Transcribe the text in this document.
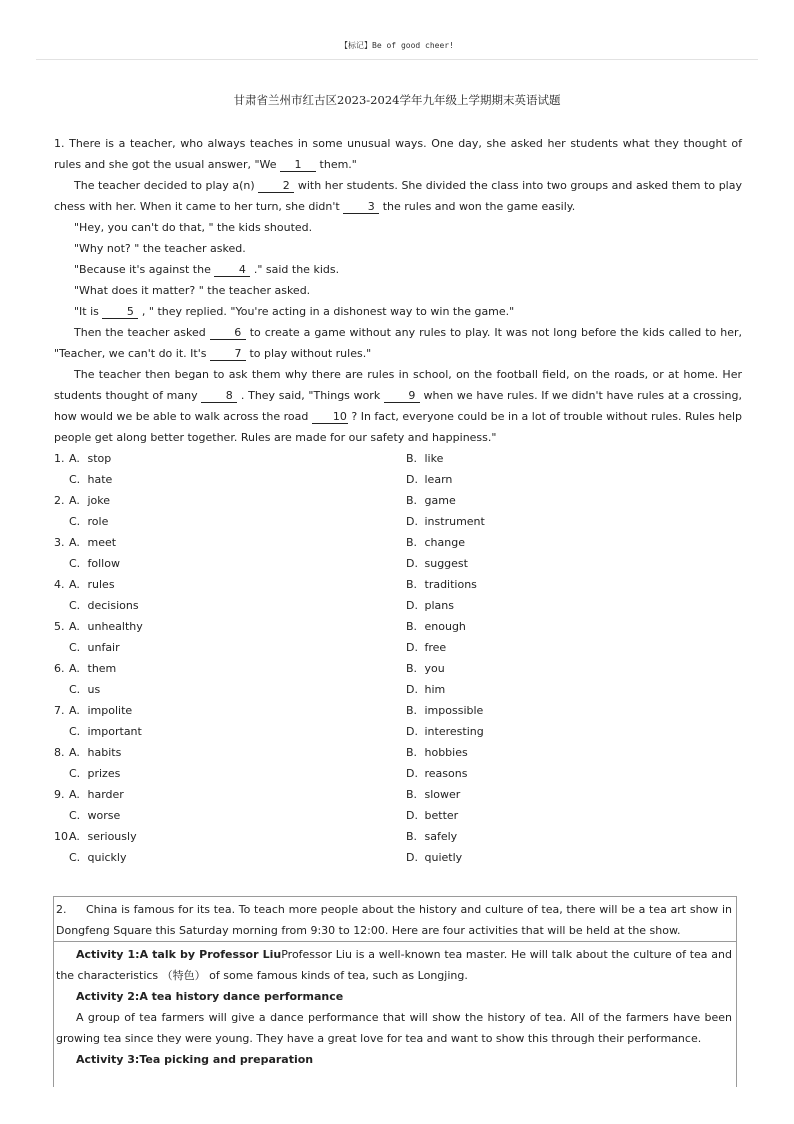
【标记】Be of good cheer!
甘肃省兰州市红古区2023-2024学年九年级上学期期末英语试题

1. There is a teacher, who always teaches in some unusual ways. One day, she asked her students what they thought of rules and she got the usual answer, "We 1 them."

The teacher decided to play a(n) 2 with her students. She divided the class into two groups and asked them to play chess with her. When it came to her turn, she didn't 3 the rules and won the game easily.

"Hey, you can't do that, " the kids shouted.

"Why not? " the teacher asked.

"Because it's against the 4 ." said the kids.

"What does it matter? " the teacher asked.

"It is 5 , " they replied. "You're acting in a dishonest way to win the game."

Then the teacher asked 6 to create a game without any rules to play. It was not long before the kids called to her, "Teacher, we can't do it. It's 7 to play without rules."

The teacher then began to ask them why there are rules in school, on the football field, on the roads, or at home. Her students thought of many 8 . They said, "Things work 9 when we have rules. If we didn't have rules at a crossing, how would we be able to walk across the road 10 ? In fact, everyone could be in a lot of trouble without rules. Rules help people get along better together. Rules are made for our safety and happiness."

1. A. stop	B. like
C. hate	D. learn
2. A. joke	B. game
C. role	D. instrument
3. A. meet	B. change
C. follow	D. suggest
4. A. rules	B. traditions
C. decisions	D. plans
5. A. unhealthy	B. enough
C. unfair	D. free
6. A. them	B. you
C. us	D. him
7. A. impolite	B. impossible
C. important	D. interesting
8. A. habits	B. hobbies
C. prizes	D. reasons
9. A. harder	B. slower
C. worse	D. better
10.A. seriously	B. safely
C. quickly	D. quietly

2. China is famous for its tea. To teach more people about the history and culture of tea, there will be a tea art show in Dongfeng Square this Saturday morning from 9:30 to 12:00. Here are four activities that will be held at the show.

Activity 1:A talk by Professor LiuProfessor Liu is a well-known tea master. He will talk about the culture of tea and the characteristics （特色） of some famous kinds of tea, such as Longjing.

Activity 2:A tea history dance performance

A group of tea farmers will give a dance performance that will show the history of tea. All of the farmers have been growing tea since they were young. They have a great love for tea and want to show this through their performance.

Activity 3:Tea picking and preparation
